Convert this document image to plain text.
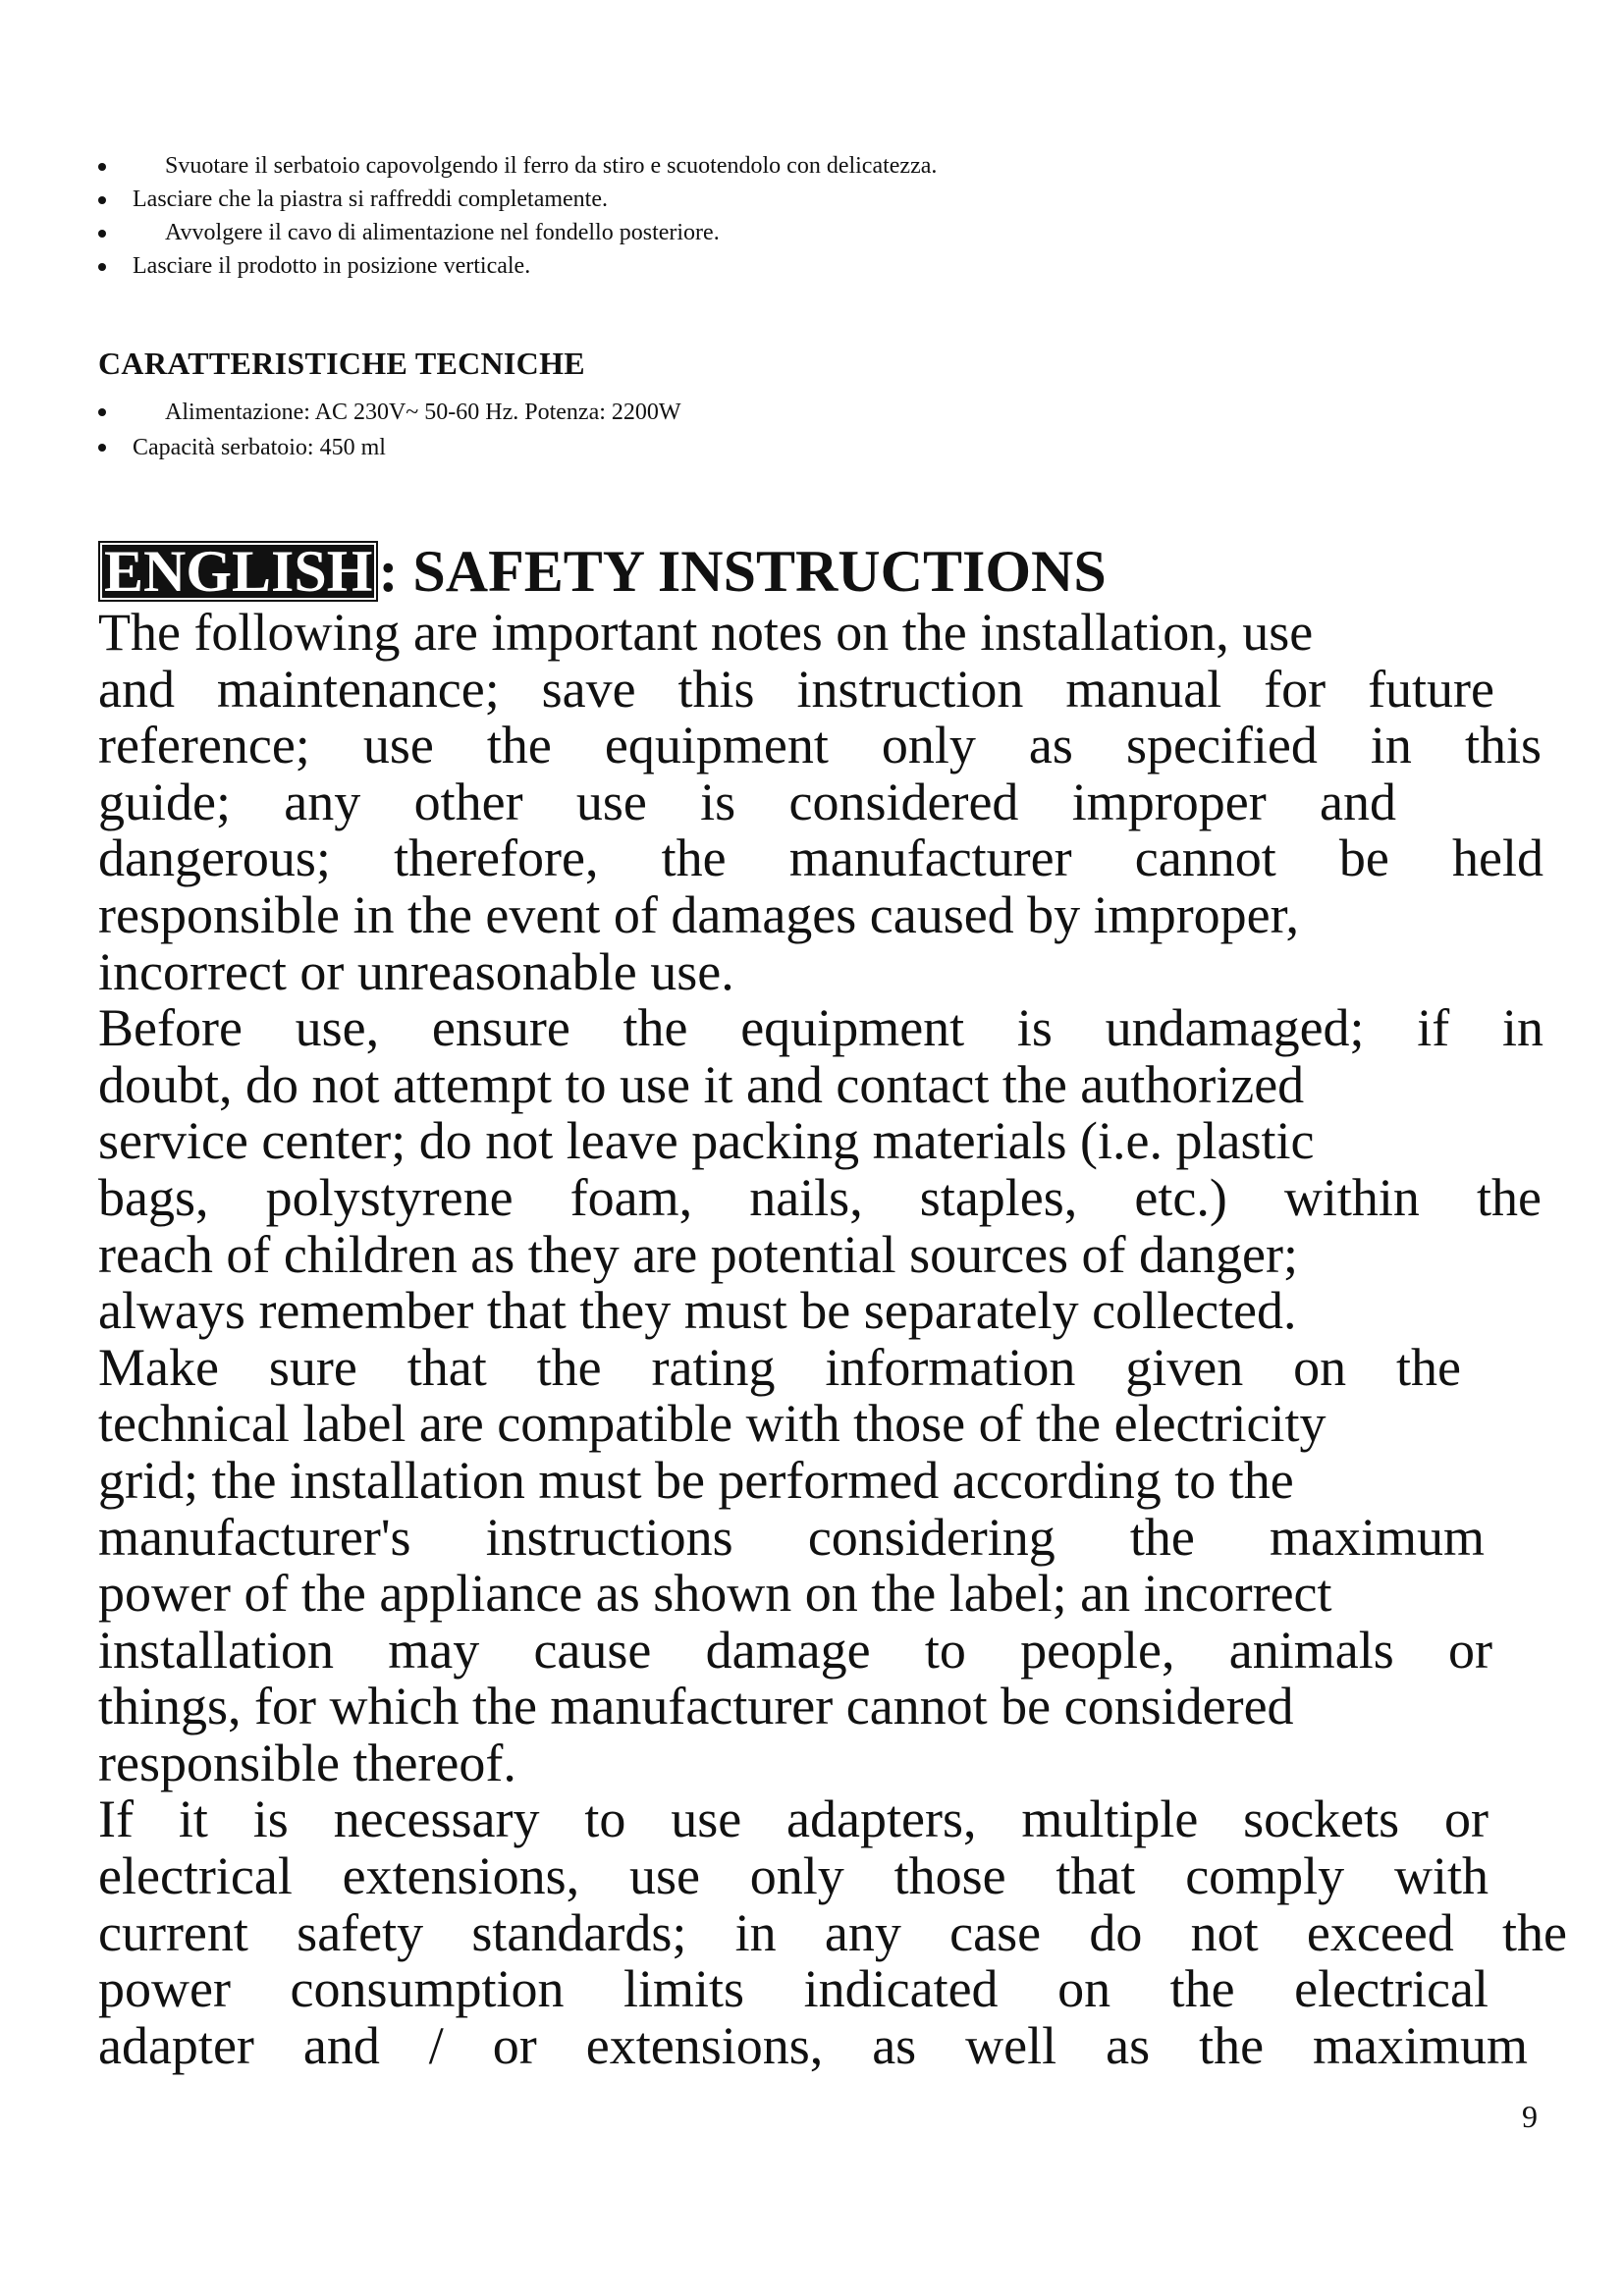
Svuotare il serbatoio capovolgendo il ferro da stiro e scuotendolo con delicatezza.
Lasciare che la piastra si raffreddi completamente.
Avvolgere il cavo di alimentazione nel fondello posteriore.
Lasciare il prodotto in posizione verticale.
CARATTERISTICHE TECNICHE
Alimentazione: AC 230V~ 50-60 Hz. Potenza: 2200W
Capacità serbatoio: 450 ml
ENGLISH : SAFETY INSTRUCTIONS
The following are important notes on the installation, use
and maintenance; save this instruction manual for future
reference; use the equipment only as specified in this
guide; any other use is considered improper and
dangerous; therefore, the manufacturer cannot be held
responsible in the event of damages caused by improper,
incorrect or unreasonable use.
Before use, ensure the equipment is undamaged; if in
doubt, do not attempt to use it and contact the authorized
service center; do not leave packing materials (i.e. plastic
bags, polystyrene foam, nails, staples, etc.) within the
reach of children as they are potential sources of danger;
always remember that they must be separately collected.
Make sure that the rating information given on the
technical label are compatible with those of the electricity
grid; the installation must be performed according to the
manufacturer's instructions considering the maximum
power of the appliance as shown on the label; an incorrect
installation may cause damage to people, animals or
things, for which the manufacturer cannot be considered
responsible thereof.
If it is necessary to use adapters, multiple sockets or
electrical extensions, use only those that comply with
current safety standards; in any case do not exceed the
power consumption limits indicated on the electrical
adapter and / or extensions, as well as the maximum
9
